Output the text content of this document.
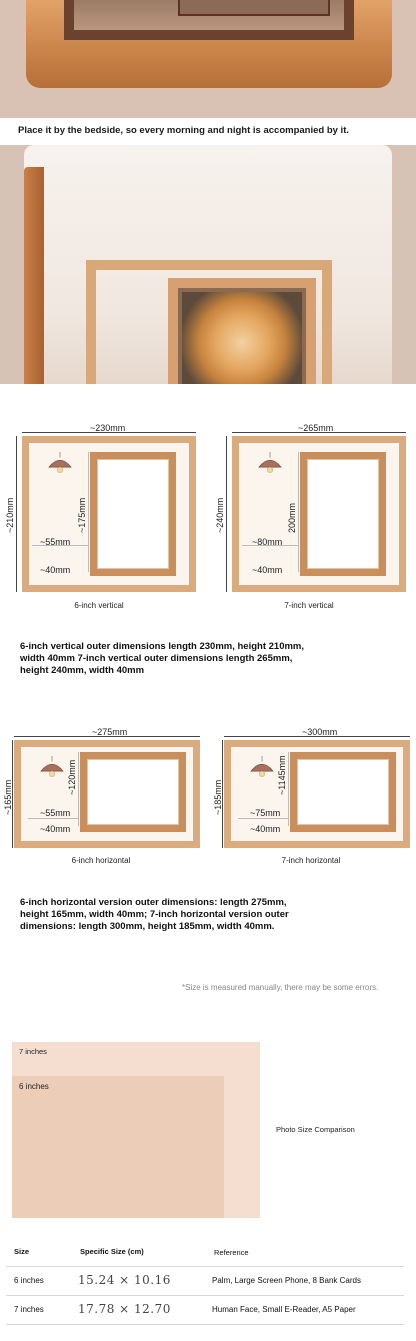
Place it by the bedside, so every morning and night is accompanied by it.
~230mm
~210mm	~175mm
~55mm
~40mm
6-inch vertical
~265mm
~240mm	200mm
~80mm
~40mm
7-inch vertical
6-inch vertical outer dimensions length 230mm, height 210mm, width 40mm 7-inch vertical outer dimensions length 265mm, height 240mm, width 40mm
~275mm
~165mm
~120mm
~55mm
~40mm
6-inch horizontal
~300mm
~185mm
~1145mm
~75mm
~40mm
7-inch horizontal
6-inch horizontal version outer dimensions: length 275mm, height 165mm, width 40mm; 7-inch horizontal version outer dimensions: length 300mm, height 185mm, width 40mm.
*Size is measured manually, there may be some errors.
7 inches
6 inches
Photo Size Comparison
Size	Specific Size (cm)	Reference
6 inches	15.24 × 10.16	Palm, Large Screen Phone, 8 Bank Cards
7 inches	17.78 × 12.70	Human Face, Small E-Reader, A5 Paper
